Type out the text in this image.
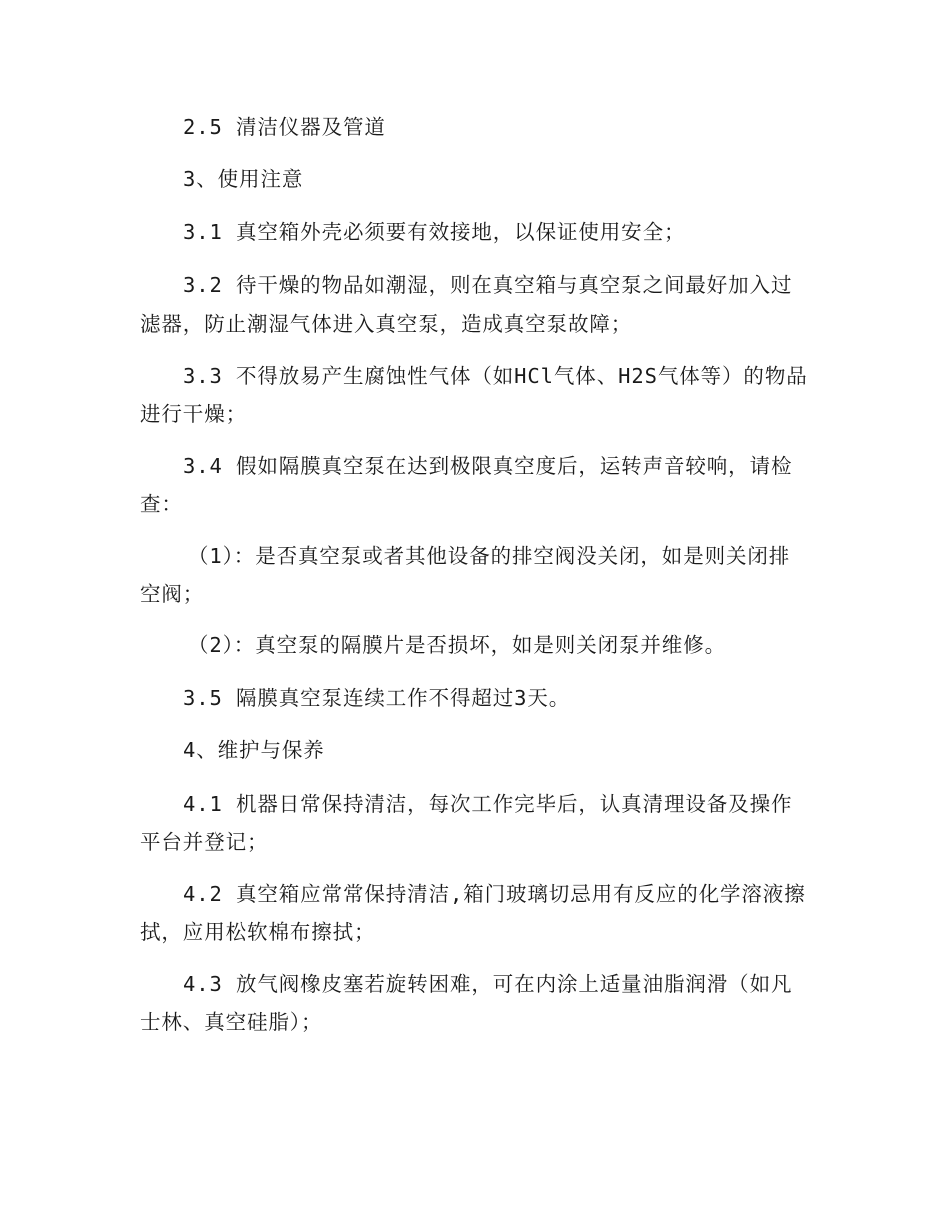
2.5 清洁仪器及管道
3、使用注意
3.1 真空箱外壳必须要有效接地，以保证使用安全；
3.2 待干燥的物品如潮湿，则在真空箱与真空泵之间最好加入过
滤器，防止潮湿气体进入真空泵，造成真空泵故障；
3.3 不得放易产生腐蚀性气体（如HCl气体、H2S气体等）的物品
进行干燥；
3.4 假如隔膜真空泵在达到极限真空度后，运转声音较响，请检
查：
（1）：是否真空泵或者其他设备的排空阀没关闭，如是则关闭排
空阀；
（2）：真空泵的隔膜片是否损坏，如是则关闭泵并维修。
3.5 隔膜真空泵连续工作不得超过3天。
4、维护与保养
4.1 机器日常保持清洁，每次工作完毕后，认真清理设备及操作
平台并登记；
4.2 真空箱应常常保持清洁,箱门玻璃切忌用有反应的化学溶液擦
拭，应用松软棉布擦拭；
4.3 放气阀橡皮塞若旋转困难，可在内涂上适量油脂润滑（如凡
士林、真空硅脂）；
